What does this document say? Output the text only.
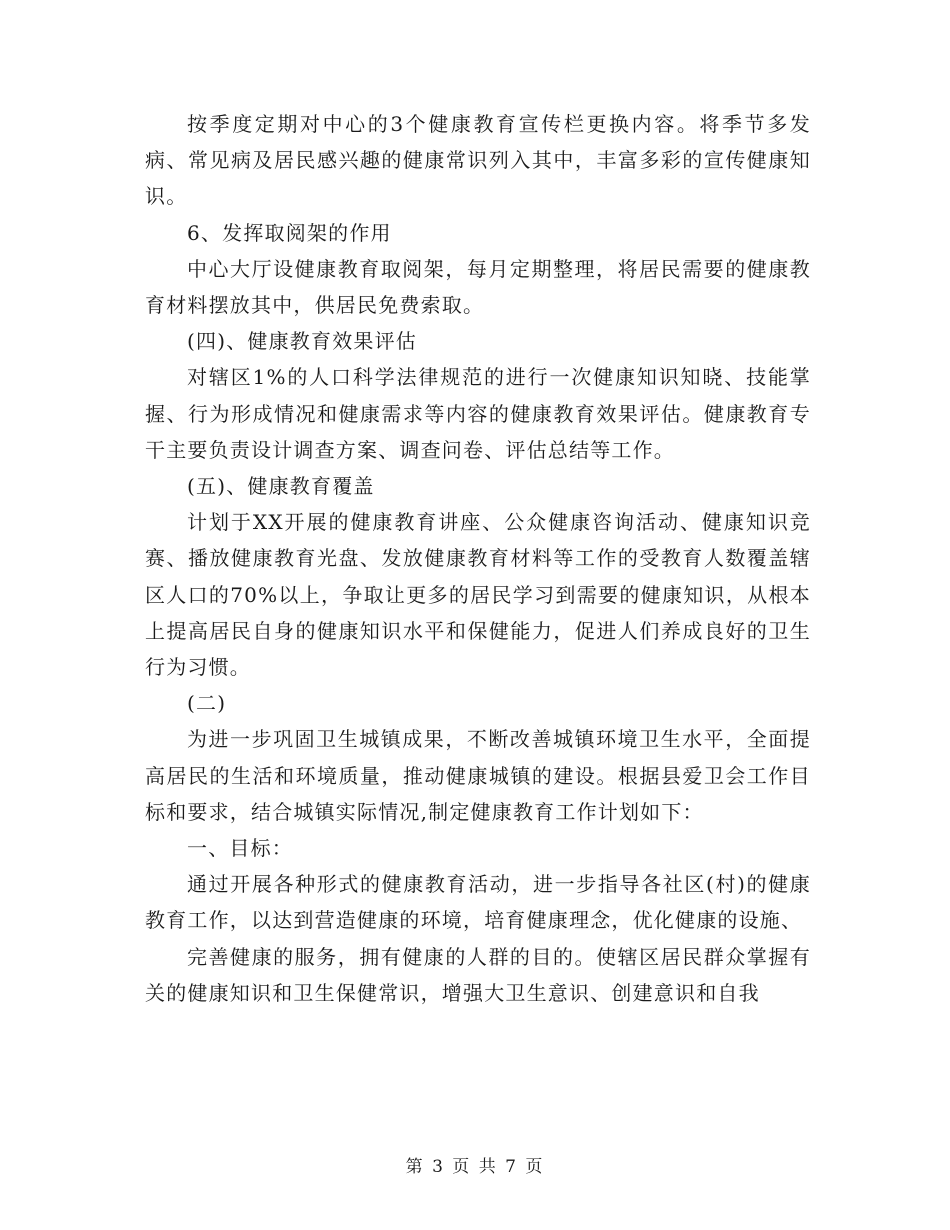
按季度定期对中心的3个健康教育宣传栏更换内容。将季节多发病、常见病及居民感兴趣的健康常识列入其中，丰富多彩的宣传健康知识。

6、发挥取阅架的作用

中心大厅设健康教育取阅架，每月定期整理，将居民需要的健康教育材料摆放其中，供居民免费索取。

(四)、健康教育效果评估

对辖区1%的人口科学法律规范的进行一次健康知识知晓、技能掌握、行为形成情况和健康需求等内容的健康教育效果评估。健康教育专干主要负责设计调查方案、调查问卷、评估总结等工作。

(五)、健康教育覆盖

计划于XX开展的健康教育讲座、公众健康咨询活动、健康知识竞赛、播放健康教育光盘、发放健康教育材料等工作的受教育人数覆盖辖区人口的70%以上，争取让更多的居民学习到需要的健康知识，从根本上提高居民自身的健康知识水平和保健能力，促进人们养成良好的卫生行为习惯。

(二)

为进一步巩固卫生城镇成果，不断改善城镇环境卫生水平，全面提高居民的生活和环境质量，推动健康城镇的建设。根据县爱卫会工作目标和要求，结合城镇实际情况,制定健康教育工作计划如下：

一、目标：

通过开展各种形式的健康教育活动，进一步指导各社区(村)的健康教育工作，以达到营造健康的环境，培育健康理念，优化健康的设施、

完善健康的服务，拥有健康的人群的目的。使辖区居民群众掌握有关的健康知识和卫生保健常识，增强大卫生意识、创建意识和自我

第 3 页 共 7 页
